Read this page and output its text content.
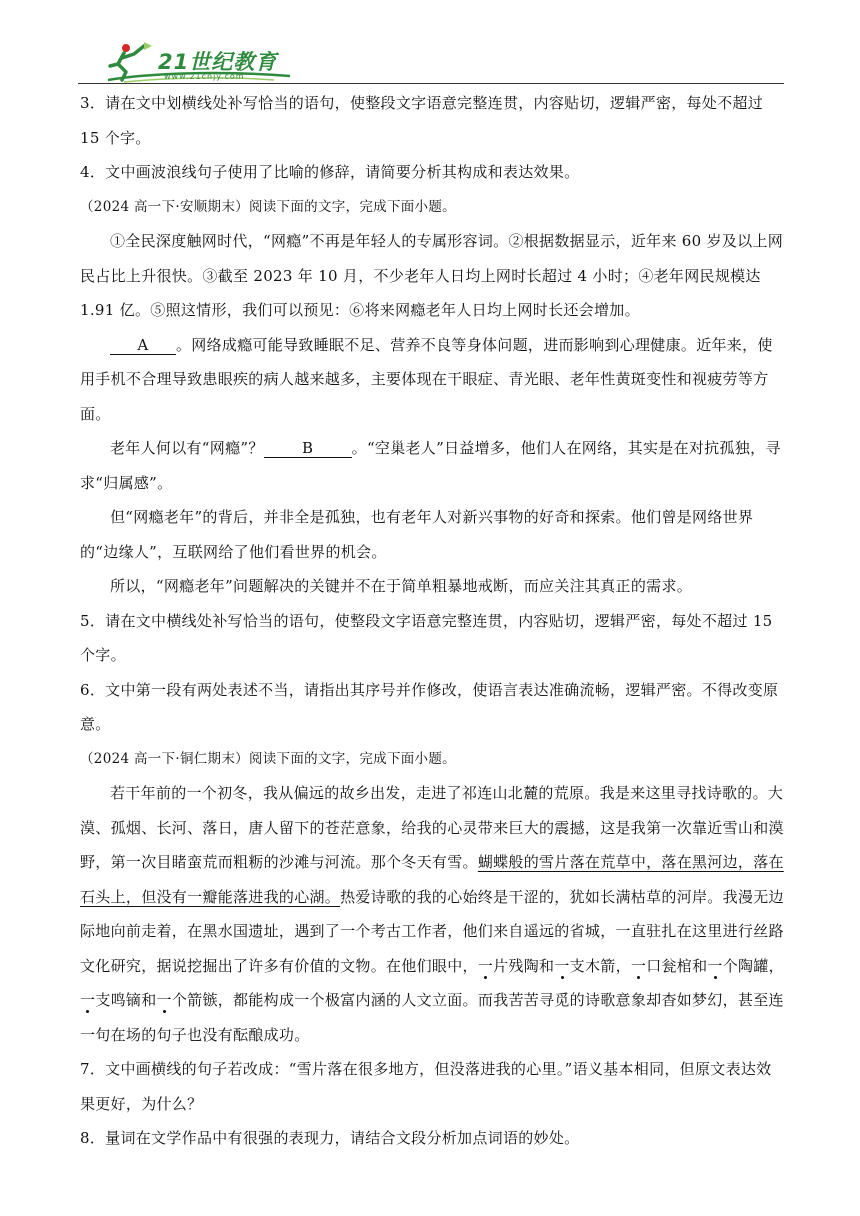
21世纪教育
www.21cnjy.com

3．请在文中划横线处补写恰当的语句，使整段文字语意完整连贯，内容贴切，逻辑严密，每处不超过 15 个字。

4．文中画波浪线句子使用了比喻的修辞，请简要分析其构成和表达效果。

（2024 高一下·安顺期末）阅读下面的文字，完成下面小题。

①全民深度触网时代，“网瘾”不再是年轻人的专属形容词。②根据数据显示，近年来 60 岁及以上网民占比上升很快。③截至 2023 年 10 月，不少老年人日均上网时长超过 4 小时；④老年网民规模达 1.91 亿。⑤照这情形，我们可以预见：⑥将来网瘾老年人日均上网时长还会增加。

A 。网络成瘾可能导致睡眠不足、营养不良等身体问题，进而影响到心理健康。近年来，使用手机不合理导致患眼疾的病人越来越多，主要体现在干眼症、青光眼、老年性黄斑变性和视疲劳等方面。

老年人何以有“网瘾”？	B	。“空巢老人”日益增多，他们人在网络，其实是在对抗孤独，寻求“归属感”。

但“网瘾老年”的背后，并非全是孤独，也有老年人对新兴事物的好奇和探索。他们曾是网络世界的“边缘人”，互联网给了他们看世界的机会。

所以，“网瘾老年”问题解决的关键并不在于简单粗暴地戒断，而应关注其真正的需求。

5．请在文中横线处补写恰当的语句，使整段文字语意完整连贯，内容贴切，逻辑严密，每处不超过 15 个字。

6．文中第一段有两处表述不当，请指出其序号并作修改，使语言表达准确流畅，逻辑严密。不得改变原意。

（2024 高一下·铜仁期末）阅读下面的文字，完成下面小题。

若干年前的一个初冬，我从偏远的故乡出发，走进了祁连山北麓的荒原。我是来这里寻找诗歌的。大漠、孤烟、长河、落日，唐人留下的苍茫意象，给我的心灵带来巨大的震撼，这是我第一次靠近雪山和漠野，第一次目睹蛮荒而粗粝的沙滩与河流。那个冬天有雪。蝴蝶般的雪片落在荒草中，落在黑河边，落在石头上，但没有一瓣能落进我的心湖。热爱诗歌的我的心始终是干涩的，犹如长满枯草的河岸。我漫无边际地向前走着，在黑水国遗址，遇到了一个考古工作者，他们来自遥远的省城，一直驻扎在这里进行丝路文化研究，据说挖掘出了许多有价值的文物。在他们眼中，一片残陶和一支木箭，一口瓮棺和一个陶罐，一支鸣镝和一个箭镞，都能构成一个极富内涵的人文立面。而我苦苦寻觅的诗歌意象却杳如梦幻，甚至连一句在场的句子也没有酝酿成功。

7．文中画横线的句子若改成：“雪片落在很多地方，但没落进我的心里。”语义基本相同，但原文表达效果更好，为什么？

8．量词在文学作品中有很强的表现力，请结合文段分析加点词语的妙处。
